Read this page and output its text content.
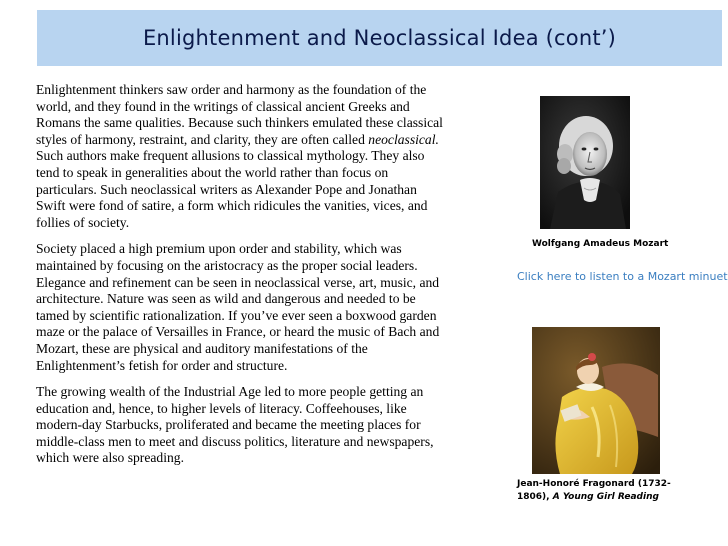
Enlightenment and Neoclassical Idea (cont’)

Enlightenment thinkers saw order and harmony as the foundation of the world, and they found in the writings of classical ancient Greeks and Romans the same qualities. Because such thinkers emulated these classical styles of harmony, restraint, and clarity, they are often called neoclassical. Such authors make frequent allusions to classical mythology. They also tend to speak in generalities about the world rather than focus on particulars. Such neoclassical writers as Alexander Pope and Jonathan Swift were fond of satire, a form which ridicules the vanities, vices, and follies of society.

Society placed a high premium upon order and stability, which was maintained by focusing on the aristocracy as the proper social leaders. Elegance and refinement can be seen in neoclassical verse, art, music, and architecture. Nature was seen as wild and dangerous and needed to be tamed by scientific rationalization. If you’ve ever seen a boxwood garden maze or the palace of Versailles in France, or heard the music of Bach and Mozart, these are physical and auditory manifestations of the Enlightenment’s fetish for order and structure.

The growing wealth of the Industrial Age led to more people getting an education and, hence, to higher levels of literacy. Coffeehouses, like modern-day Starbucks, proliferated and became the meeting places for middle-class men to meet and discuss politics, literature and newspapers, which were also spreading.

Wolfgang Amadeus Mozart
Click here to listen to a Mozart minuet
Jean-Honoré Fragonard (1732-1806), A Young Girl Reading
